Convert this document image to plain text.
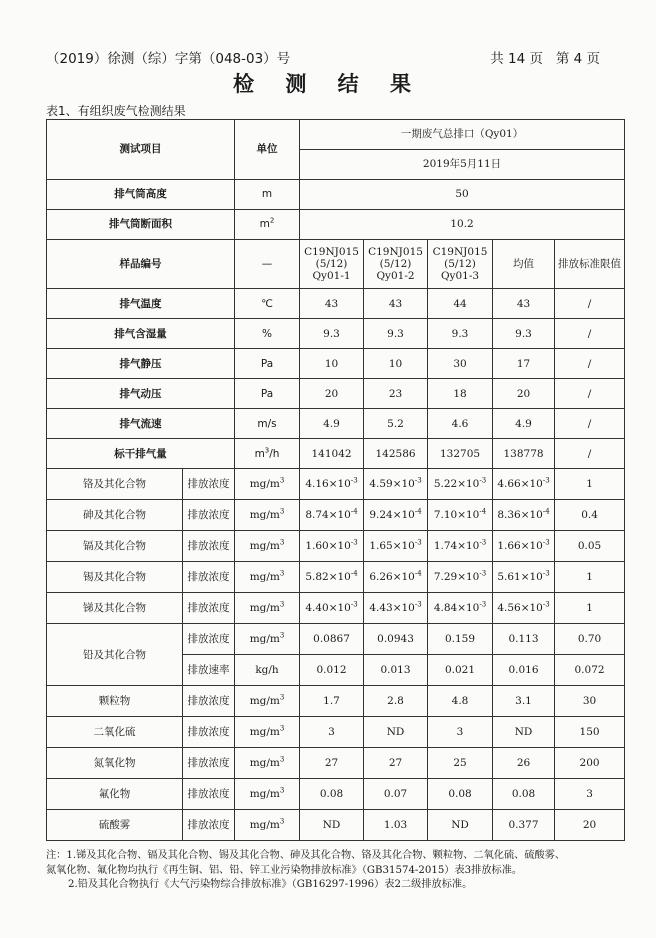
（2019）徐测（综）字第（048-03）号	共 14 页 第 4 页
检 测 结 果
表1、有组织废气检测结果
测试项目		单位	一期废气总排口（Qy01）					
			2019年5月11日					
排气筒高度		m	50					
排气筒断面积		$m^2$	10.2					
样品编号		—	C19NJ015 (5/12) Qy01-1	C19NJ015 (5/12) Qy01-2	C19NJ015 (5/12) Qy01-3	均值	排放标准限值	
排气温度		℃	43	43	44	43	/	
排气含湿量		%	9.3	9.3	9.3	9.3	/	
排气静压		Pa	10	10	30	17	/	
排气动压		Pa	20	23	18	20	/	
排气流速		m/s	4.9	5.2	4.6	4.9	/	
标干排气量		$m^3/h$	141042	142586	132705	138778	/	
铬及其化合物	排放浓度	$mg/m^3$	$4.16\times 10^{-3}$	$4.59\times 10^{-3}$	$5.22\times 10^{-3}$	$4.66\times 10^{-3}$	1	
砷及其化合物	排放浓度	$mg/m^3$	$8.74\times 10^{-4}$	$9.24\times 10^{-4}$	$7.10\times 10^{-4}$	$8.36\times 10^{-4}$	0.4	
镉及其化合物	排放浓度	$mg/m^3$	$1.60\times 10^{-3}$	$1.65\times 10^{-3}$	$1.74\times 10^{-3}$	$1.66\times 10^{-3}$	0.05	
锡及其化合物	排放浓度	$mg/m^3$	$5.82\times 10^{-4}$	$6.26\times 10^{-4}$	$7.29\times 10^{-3}$	$5.61\times 10^{-3}$	1	
锑及其化合物	排放浓度	$mg/m^3$	$4.40\times 10^{-3}$	$4.43\times 10^{-3}$	$4.84\times 10^{-3}$	$4.56\times 10^{-3}$	1	
铅及其化合物	排放浓度	$mg/m^3$	0.0867	0.0943	0.159	0.113	0.70	
	排放速率	kg/h	0.012	0.013	0.021	0.016	0.072	
颗粒物	排放浓度	$mg/m^3$	1.7	2.8	4.8	3.1	30	
二氧化硫	排放浓度	$mg/m^3$	3	ND	3	ND	150	
氮氧化物	排放浓度	$mg/m^3$	27	27	25	26	200	
氟化物	排放浓度	$mg/m^3$	0.08	0.07	0.08	0.08	3	
硫酸雾	排放浓度	$mg/m^3$	ND	1.03	ND	0.377	20	
注：1.锑及其化合物、镉及其化合物、锡及其化合物、砷及其化合物、铬及其化合物、颗粒物、二氧化硫、硫酸雾、
氮氧化物、氟化物均执行《再生铜、铝、铅、锌工业污染物排放标准》（GB31574-2015）表3排放标准。
2.铅及其化合物执行《大气污染物综合排放标准》（GB16297-1996）表2二级排放标准。
